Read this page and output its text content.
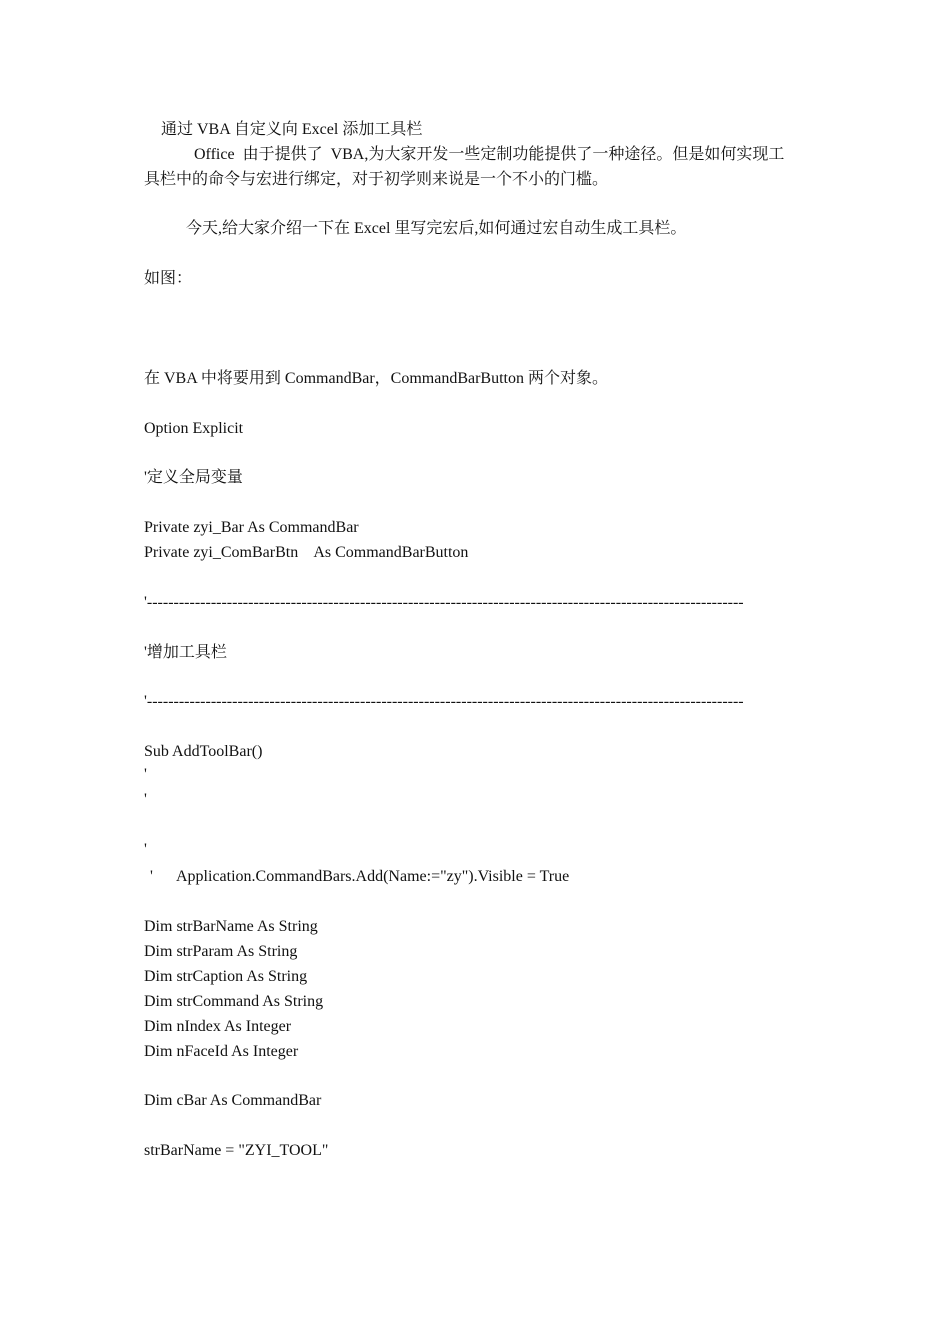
通过 VBA 自定义向 Excel 添加工具栏
Office  由于提供了  VBA,为大家开发一些定制功能提供了一种途径。但是如何实现工
具栏中的命令与宏进行绑定，对于初学则来说是一个不小的门槛。
今天,给大家介绍一下在 Excel 里写完宏后,如何通过宏自动生成工具栏。
如图：
在 VBA 中将要用到 CommandBar，CommandBarButton 两个对象。
Option Explicit
'定义全局变量
Private zyi_Bar As CommandBar
Private zyi_ComBarBtn    As CommandBarButton
'----------------------------------------------------------------------------------------------------------------
'增加工具栏
'----------------------------------------------------------------------------------------------------------------
Sub AddToolBar()
'
'
'
'      Application.CommandBars.Add(Name:="zy").Visible = True
Dim strBarName As String
Dim strParam As String
Dim strCaption As String
Dim strCommand As String
Dim nIndex As Integer
Dim nFaceId As Integer
Dim cBar As CommandBar
strBarName = "ZYI_TOOL"
